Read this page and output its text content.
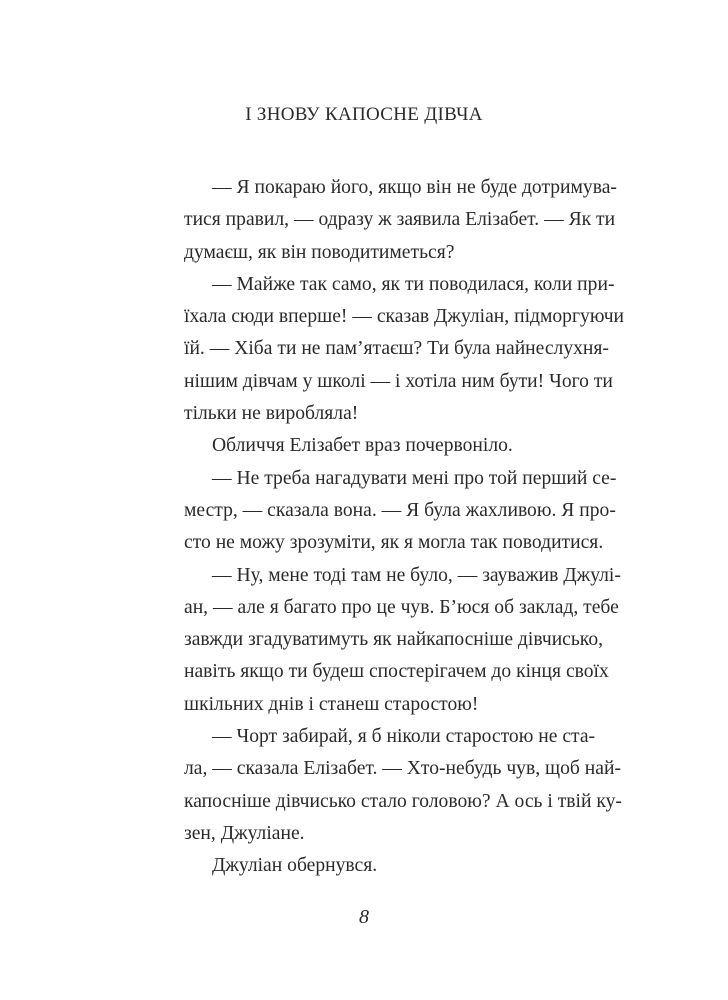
І ЗНОВУ КАПОСНЕ ДІВЧА
— Я покараю його, якщо він не буде дотримува-
тися правил, — одразу ж заявила Елізабет. — Як ти
думаєш, як він поводитиметься?
— Майже так само, як ти поводилася, коли при-
їхала сюди вперше! — сказав Джуліан, підморгуючи
їй. — Хіба ти не пам’ятаєш? Ти була найнеслухня-
нішим дівчам у школі — і хотіла ним бути! Чого ти
тільки не виробляла!
Обличчя Елізабет враз почервоніло.
— Не треба нагадувати мені про той перший се-
местр, — сказала вона. — Я була жахливою. Я про-
сто не можу зрозуміти, як я могла так поводитися.
— Ну, мене тоді там не було, — зауважив Джулі-
ан, — але я багато про це чув. Б’юся об заклад, тебе
завжди згадуватимуть як найкапосніше дівчисько,
навіть якщо ти будеш спостерігачем до кінця своїх
шкільних днів і станеш старостою!
— Чорт забирай, я б ніколи старостою не ста-
ла, — сказала Елізабет. — Хто-небудь чув, щоб най-
капосніше дівчисько стало головою? А ось і твій ку-
зен, Джуліане.
Джуліан обернувся.
8
